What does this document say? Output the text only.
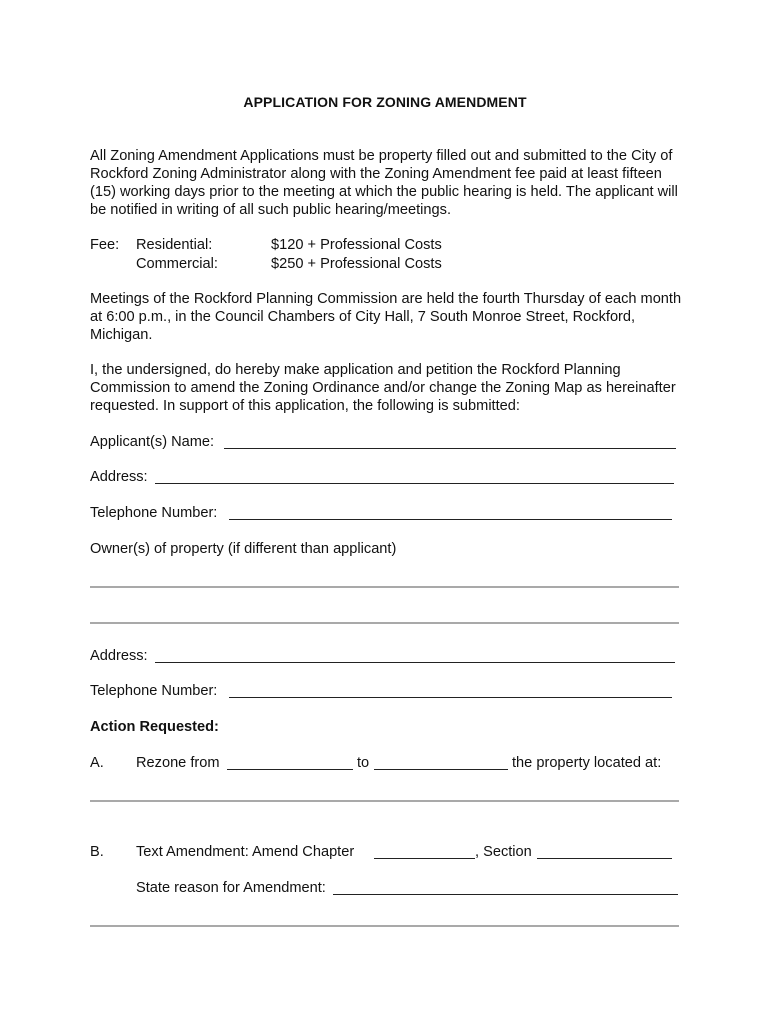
APPLICATION FOR ZONING AMENDMENT
All Zoning Amendment Applications must be property filled out and submitted to the City of Rockford Zoning Administrator along with the Zoning Amendment fee paid at least fifteen (15) working days prior to the meeting at which the public hearing is held. The applicant will be notified in writing of all such public hearing/meetings.
Fee: Residential:	$120 + Professional Costs
Commercial:	$250 + Professional Costs
Meetings of the Rockford Planning Commission are held the fourth Thursday of each month at 6:00 p.m., in the Council Chambers of City Hall, 7 South Monroe Street, Rockford, Michigan.
I, the undersigned, do hereby make application and petition the Rockford Planning Commission to amend the Zoning Ordinance and/or change the Zoning Map as hereinafter requested. In support of this application, the following is submitted:
Applicant(s) Name:
Address:
Telephone Number:
Owner(s) of property (if different than applicant)
Address:
Telephone Number:
Action Requested:
A. Rezone from	to	the property located at:
B. Text Amendment: Amend Chapter	, Section
State reason for Amendment:
